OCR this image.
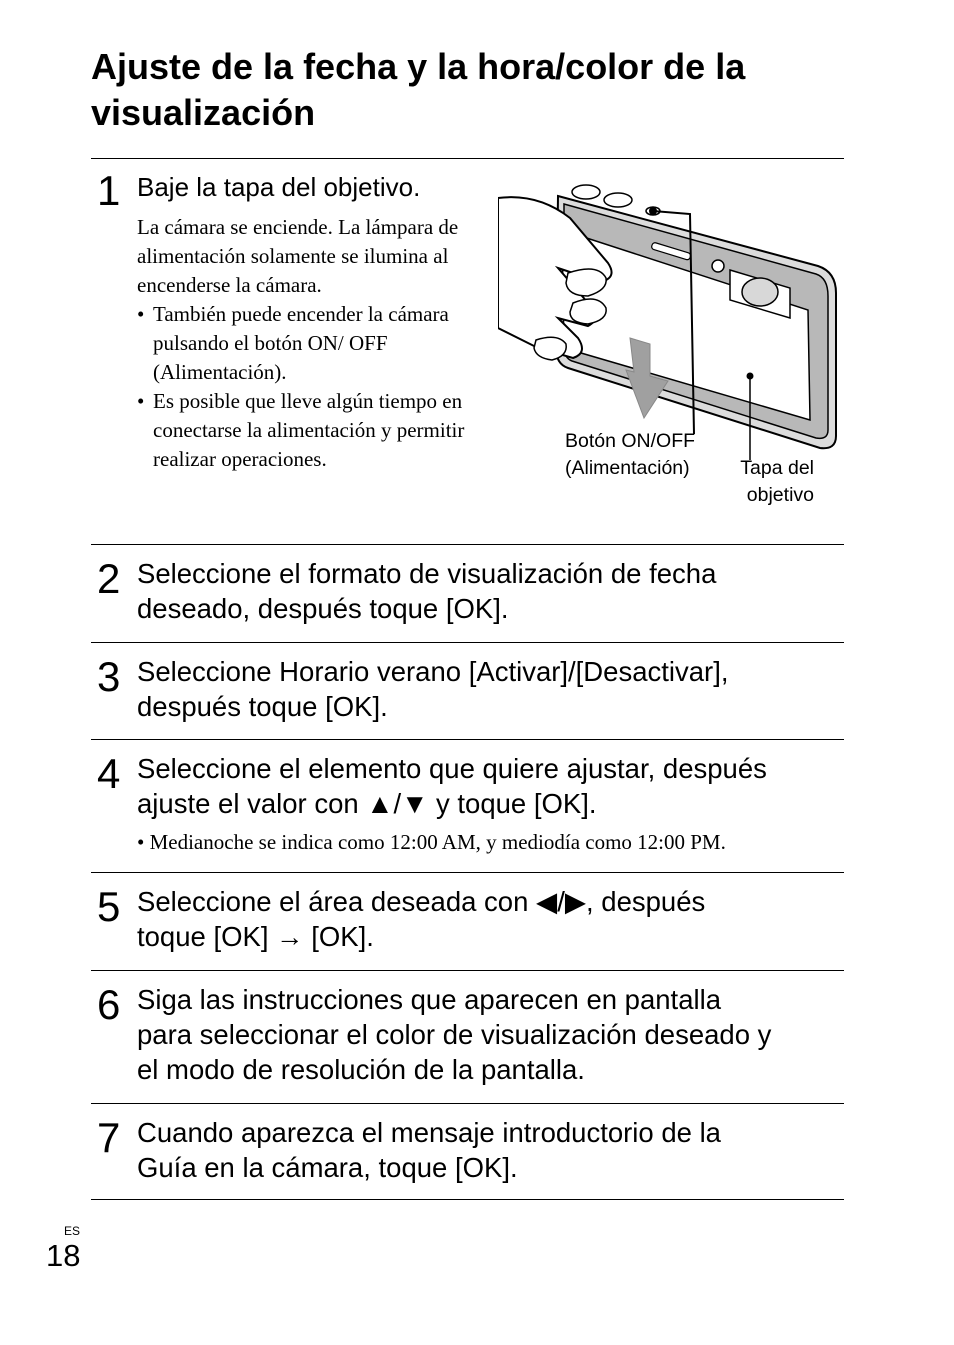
Ajuste de la fecha y la hora/color de la visualización
1 Baje la tapa del objetivo.

La cámara se enciende. La lámpara de alimentación solamente se ilumina al encenderse la cámara.

• También puede encender la cámara pulsando el botón ON/ OFF (Alimentación).
• Es posible que lleve algún tiempo en conectarse la alimentación y permitir realizar operaciones.
Botón ON/OFF
(Alimentación)	Tapa del
objetivo
2 Seleccione el formato de visualización de fecha
deseado, después toque [OK].
3 Seleccione Horario verano [Activar]/[Desactivar],
después toque [OK].
4 Seleccione el elemento que quiere ajustar, después
ajuste el valor con ▲/▼ y toque [OK].
• Medianoche se indica como 12:00 AM, y mediodía como 12:00 PM.
5 Seleccione el área deseada con ◀/▶, después
toque [OK] → [OK].
6 Siga las instrucciones que aparecen en pantalla
para seleccionar el color de visualización deseado y
el modo de resolución de la pantalla.
7 Cuando aparezca el mensaje introductorio de la
Guía en la cámara, toque [OK].
ES
18
